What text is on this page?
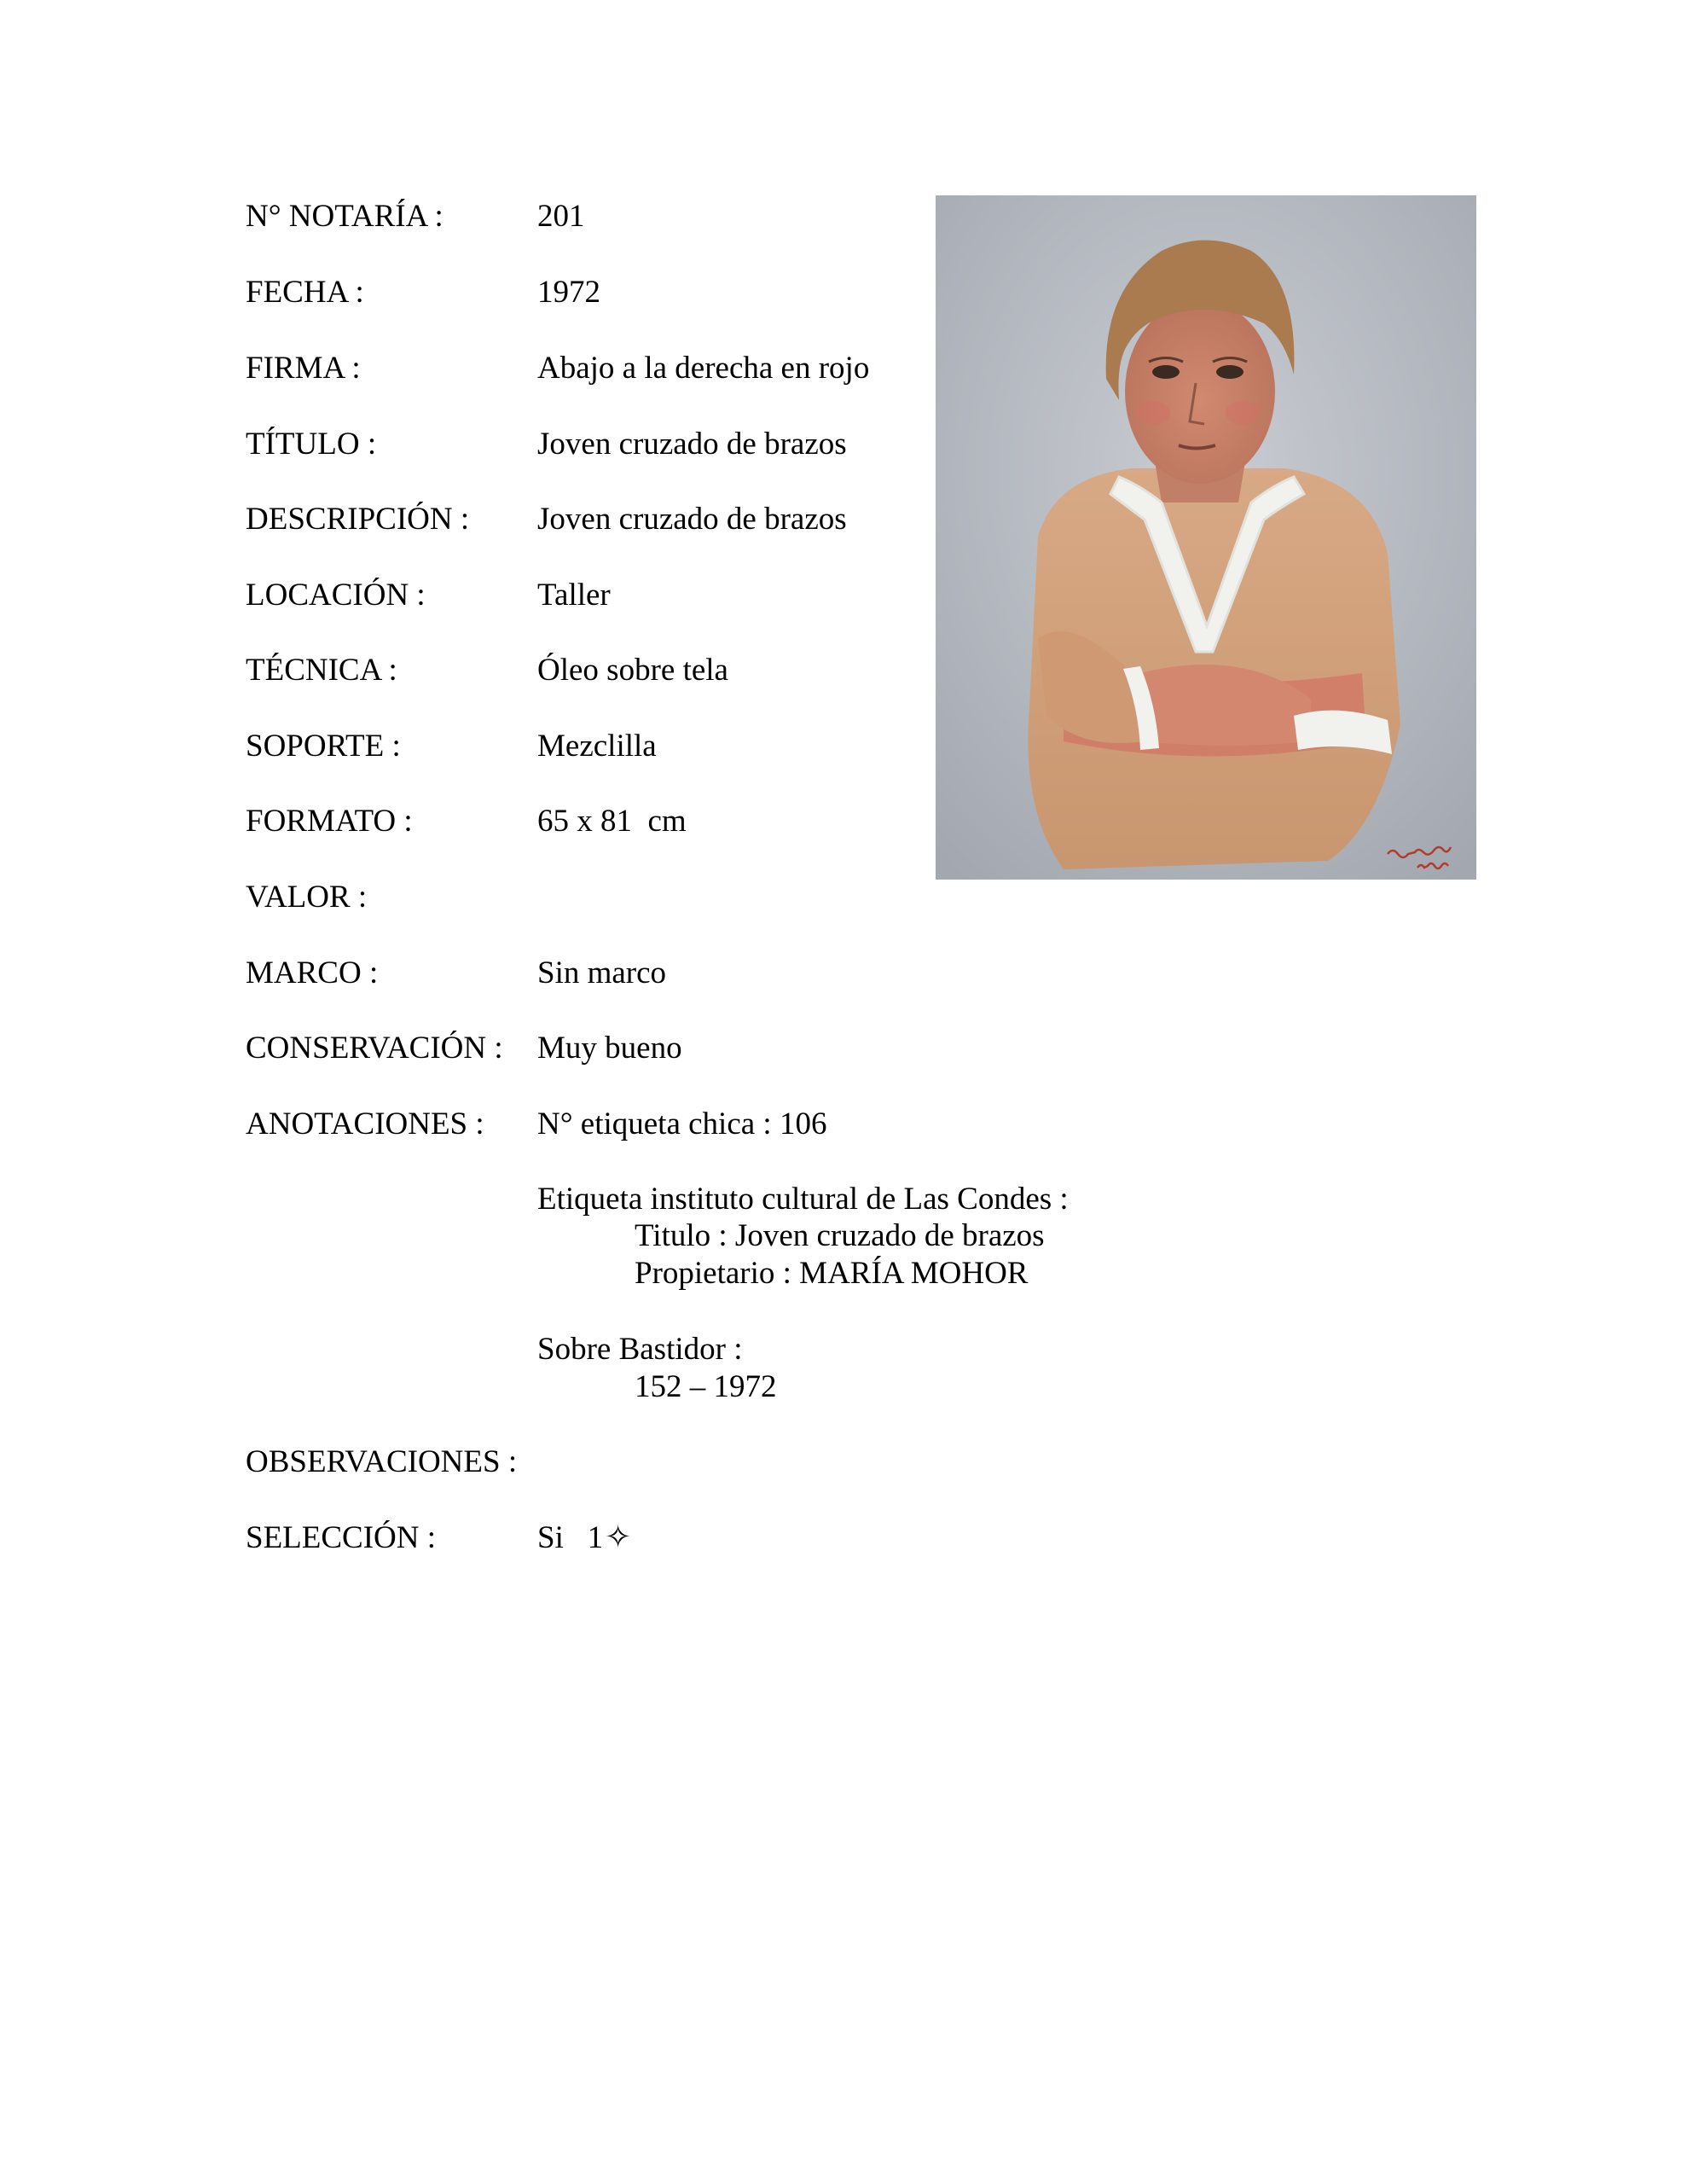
N° NOTARÍA :	201
FECHA :	1972
FIRMA :	Abajo a la derecha en rojo
TÍTULO :	Joven cruzado de brazos
DESCRIPCIÓN : Joven cruzado de brazos
LOCACIÓN :	Taller
TÉCNICA :	Óleo sobre tela
SOPORTE :	Mezclilla
FORMATO :	65 x 81  cm
VALOR :
MARCO :	Sin marco
CONSERVACIÓN : Muy bueno
ANOTACIONES : N° etiqueta chica : 106
Etiqueta instituto cultural de Las Condes :
Titulo : Joven cruzado de brazos
Propietario : MARÍA MOHOR
Sobre Bastidor :
152 – 1972
OBSERVACIONES :
SELECCIÓN :	Si   1✧
